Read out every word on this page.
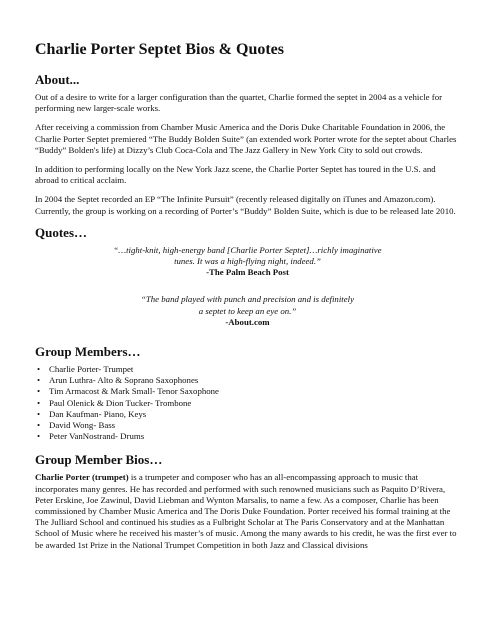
Charlie Porter Septet Bios & Quotes
About...

Out of a desire to write for a larger configuration than the quartet, Charlie formed the septet in 2004 as a vehicle for performing new larger-scale works.

After receiving a commission from Chamber Music America and the Doris Duke Charitable Foundation in 2006, the Charlie Porter Septet premiered “The Buddy Bolden Suite” (an extended work Porter wrote for the septet about Charles “Buddy” Bolden's life) at Dizzy’s Club Coca-Cola and The Jazz Gallery in New York City to sold out crowds.

In addition to performing locally on the New York Jazz scene, the Charlie Porter Septet has toured in the U.S. and abroad to critical acclaim.

In 2004 the Septet recorded an EP “The Infinite Pursuit” (recently released digitally on iTunes and Amazon.com). Currently, the group is working on a recording of Porter’s “Buddy” Bolden Suite, which is due to be released late 2010.

Quotes…
“…tight-knit, high-energy band [Charlie Porter Septet]…richly imaginative
tunes. It was a high-flying night, indeed.”
-The Palm Beach Post
“The band played with punch and precision and is definitely
a septet to keep an eye on.”
-About.com
Group Members…
• Charlie Porter- Trumpet
• Arun Luthra- Alto & Soprano Saxophones
• Tim Armacost & Mark Small- Tenor Saxophone
• Paul Olenick & Dion Tucker- Trombone
• Dan Kaufman- Piano, Keys
• David Wong- Bass
• Peter VanNostrand- Drums
Group Member Bios…

Charlie Porter (trumpet) is a trumpeter and composer who has an all-encompassing approach to music that incorporates many genres. He has recorded and performed with such renowned musicians such as Paquito D’Rivera, Peter Erskine, Joe Zawinul, David Liebman and Wynton Marsalis, to name a few. As a composer, Charlie has been commissioned by Chamber Music America and The Doris Duke Foundation. Porter received his formal training at the The Julliard School and continued his studies as a Fulbright Scholar at The Paris Conservatory and at the Manhattan School of Music where he received his master’s of music. Among the many awards to his credit, he was the first ever to be awarded 1st Prize in the National Trumpet Competition in both Jazz and Classical divisions
